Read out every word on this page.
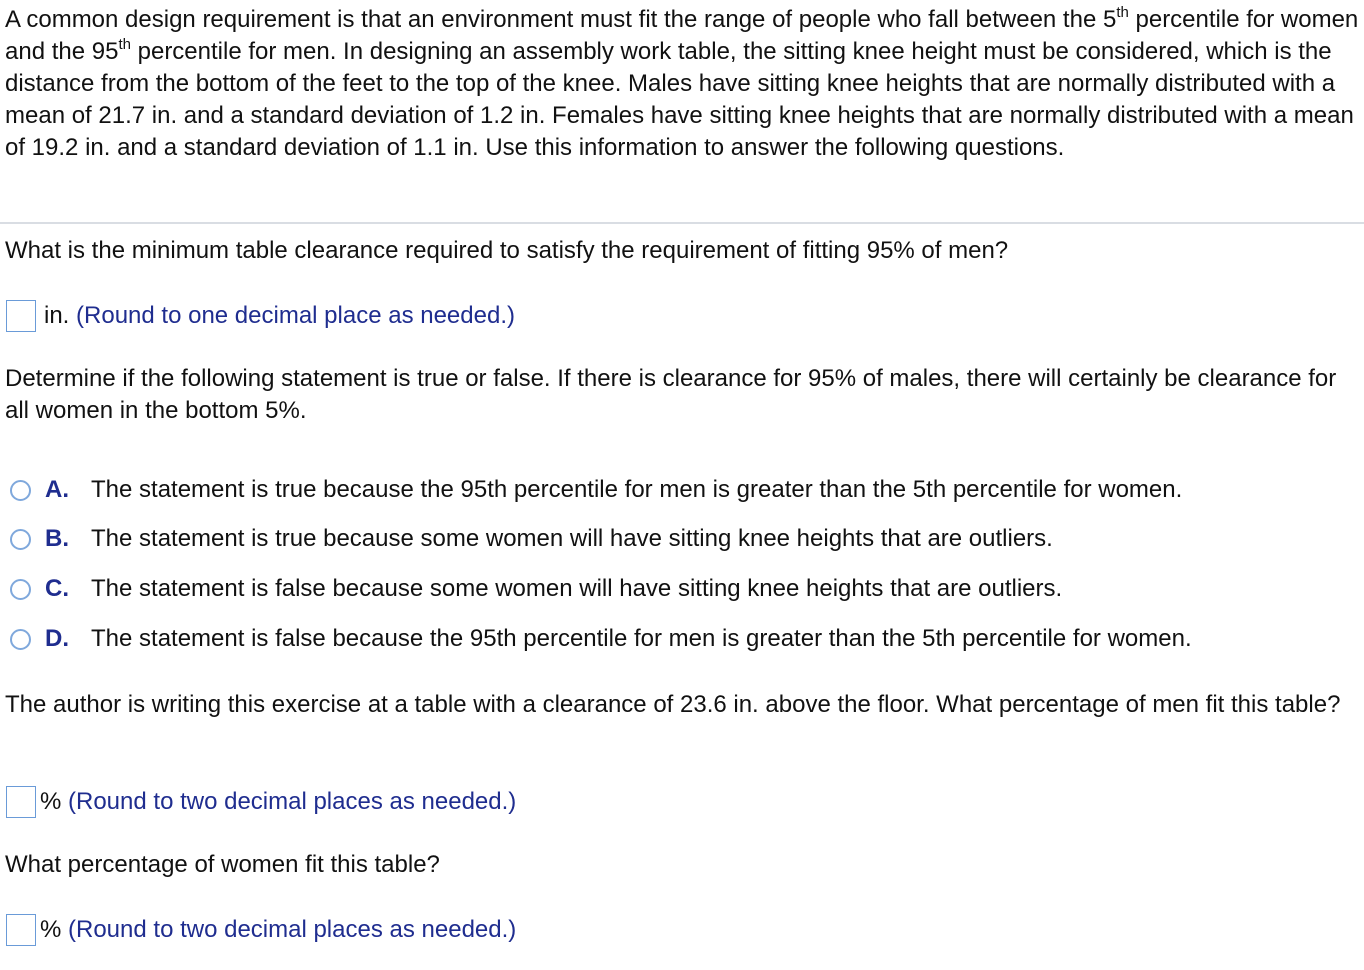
A common design requirement is that an environment must fit the range of people who fall between the 5th percentile for women and the 95th percentile for men. In designing an assembly work table, the sitting knee height must be considered, which is the distance from the bottom of the feet to the top of the knee. Males have sitting knee heights that are normally distributed with a mean of 21.7 in. and a standard deviation of 1.2 in. Females have sitting knee heights that are normally distributed with a mean of 19.2 in. and a standard deviation of 1.1 in. Use this information to answer the following questions.

What is the minimum table clearance required to satisfy the requirement of fitting 95% of men?

in. (Round to one decimal place as needed.)

Determine if the following statement is true or false. If there is clearance for 95% of males, there will certainly be clearance for all women in the bottom 5%.

A. The statement is true because the 95th percentile for men is greater than the 5th percentile for women.
B. The statement is true because some women will have sitting knee heights that are outliers.
C. The statement is false because some women will have sitting knee heights that are outliers.
D. The statement is false because the 95th percentile for men is greater than the 5th percentile for women.

The author is writing this exercise at a table with a clearance of 23.6 in. above the floor. What percentage of men fit this table?

% (Round to two decimal places as needed.)

What percentage of women fit this table?

% (Round to two decimal places as needed.)
